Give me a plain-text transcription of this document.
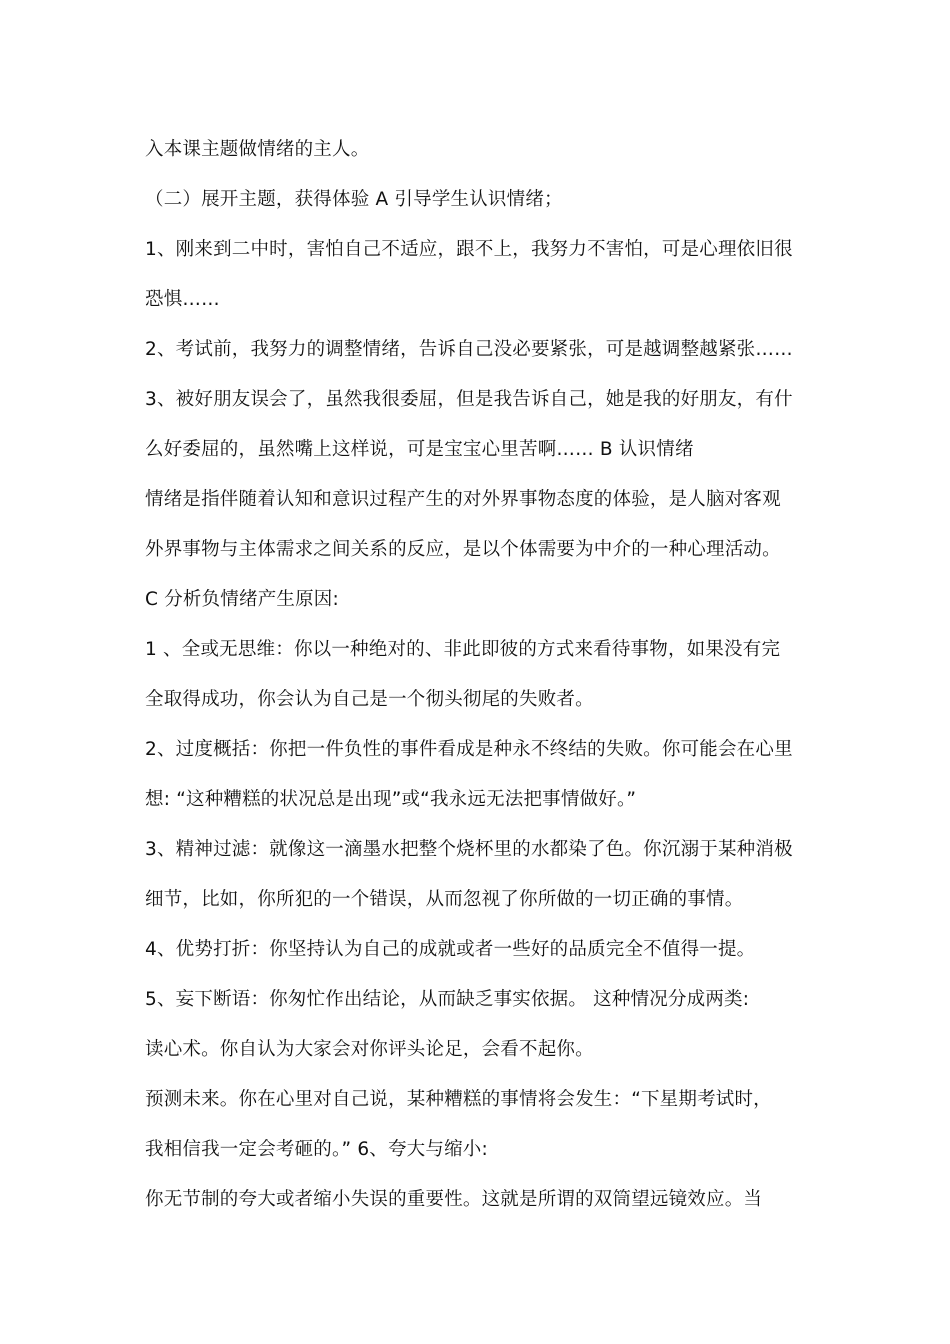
入本课主题做情绪的主人。
（二）展开主题，获得体验 A 引导学生认识情绪；
1、刚来到二中时，害怕自己不适应，跟不上，我努力不害怕，可是心理依旧很
恐惧……
2、考试前，我努力的调整情绪，告诉自己没必要紧张，可是越调整越紧张……
3、被好朋友误会了，虽然我很委屈，但是我告诉自己，她是我的好朋友，有什
么好委屈的，虽然嘴上这样说，可是宝宝心里苦啊…… B 认识情绪
情绪是指伴随着认知和意识过程产生的对外界事物态度的体验，是人脑对客观
外界事物与主体需求之间关系的反应，是以个体需要为中介的一种心理活动。
C 分析负情绪产生原因:
1 、全或无思维：你以一种绝对的、非此即彼的方式来看待事物，如果没有完
全取得成功，你会认为自己是一个彻头彻尾的失败者。
2、过度概括：你把一件负性的事件看成是种永不终结的失败。你可能会在心里
想: “这种糟糕的状况总是出现”或“我永远无法把事情做好。”
3、精神过滤：就像这一滴墨水把整个烧杯里的水都染了色。你沉溺于某种消极
细节，比如，你所犯的一个错误，从而忽视了你所做的一切正确的事情。
4、优势打折：你坚持认为自己的成就或者一些好的品质完全不值得一提。
5、妄下断语：你匆忙作出结论，从而缺乏事实依据。 这种情况分成两类:
读心术。你自认为大家会对你评头论足，会看不起你。
预测未来。你在心里对自己说，某种糟糕的事情将会发生：“下星期考试时，
我相信我一定会考砸的。” 6、夸大与缩小:
你无节制的夸大或者缩小失误的重要性。这就是所谓的双筒望远镜效应。当
